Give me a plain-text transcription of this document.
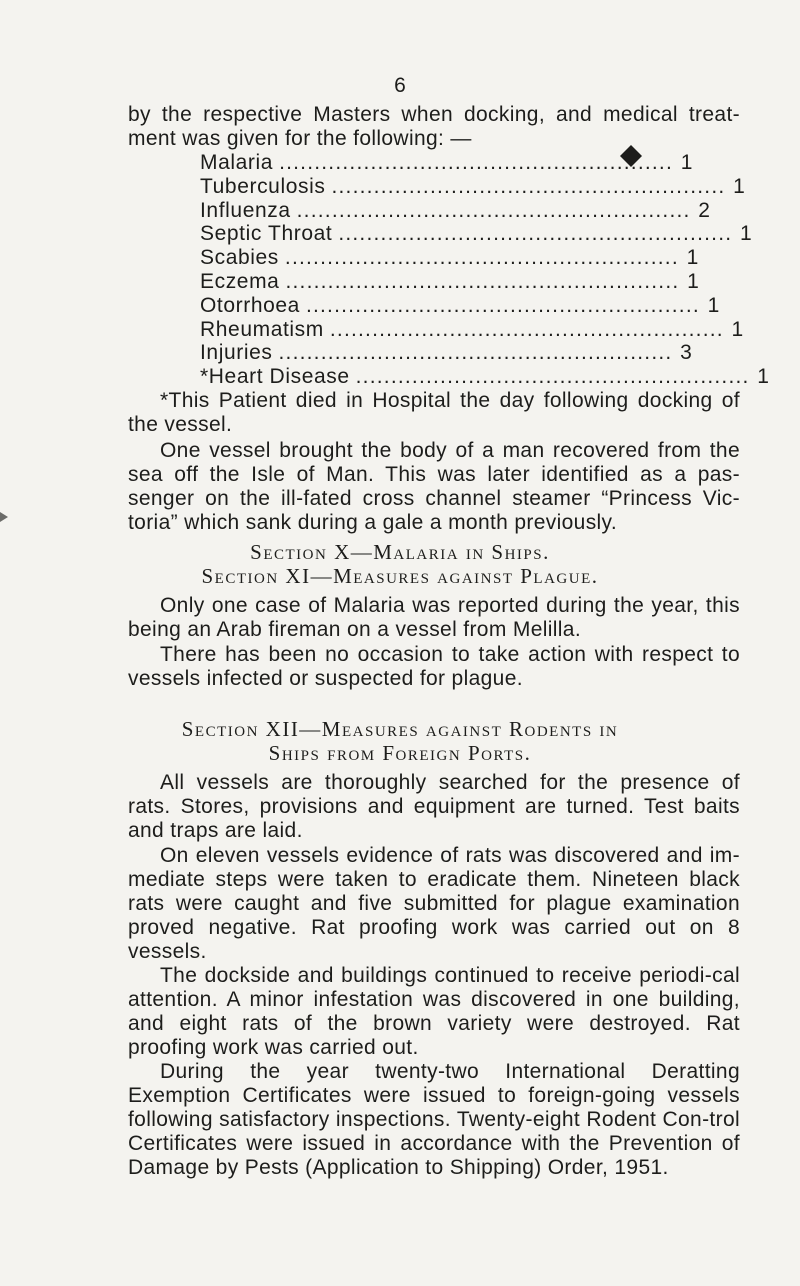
6

by the respective Masters when docking, and medical treat-ment was given for the following: —

Malaria ........................................................ 1
Tuberculosis ........................................................ 1
Influenza ........................................................ 2
Septic Throat ........................................................ 1
Scabies ........................................................ 1
Eczema ........................................................ 1
Otorrhoea ........................................................ 1
Rheumatism ........................................................ 1
Injuries ........................................................ 3
*Heart Disease ........................................................ 1

*This Patient died in Hospital the day following docking of the vessel.

One vessel brought the body of a man recovered from the sea off the Isle of Man. This was later identified as a pas-senger on the ill-fated cross channel steamer “Princess Vic-toria” which sank during a gale a month previously.

Section X—Malaria in Ships.
Section XI—Measures against Plague.

Only one case of Malaria was reported during the year, this being an Arab fireman on a vessel from Melilla.

There has been no occasion to take action with respect to vessels infected or suspected for plague.

Section XII—Measures against Rodents in
Ships from Foreign Ports.

All vessels are thoroughly searched for the presence of rats. Stores, provisions and equipment are turned. Test baits and traps are laid.

On eleven vessels evidence of rats was discovered and im-mediate steps were taken to eradicate them. Nineteen black rats were caught and five submitted for plague examination proved negative. Rat proofing work was carried out on 8 vessels.

The dockside and buildings continued to receive periodi-cal attention. A minor infestation was discovered in one building, and eight rats of the brown variety were destroyed. Rat proofing work was carried out.

During the year twenty-two International Deratting Exemption Certificates were issued to foreign-going vessels following satisfactory inspections. Twenty-eight Rodent Con-trol Certificates were issued in accordance with the Prevention of Damage by Pests (Application to Shipping) Order, 1951.
